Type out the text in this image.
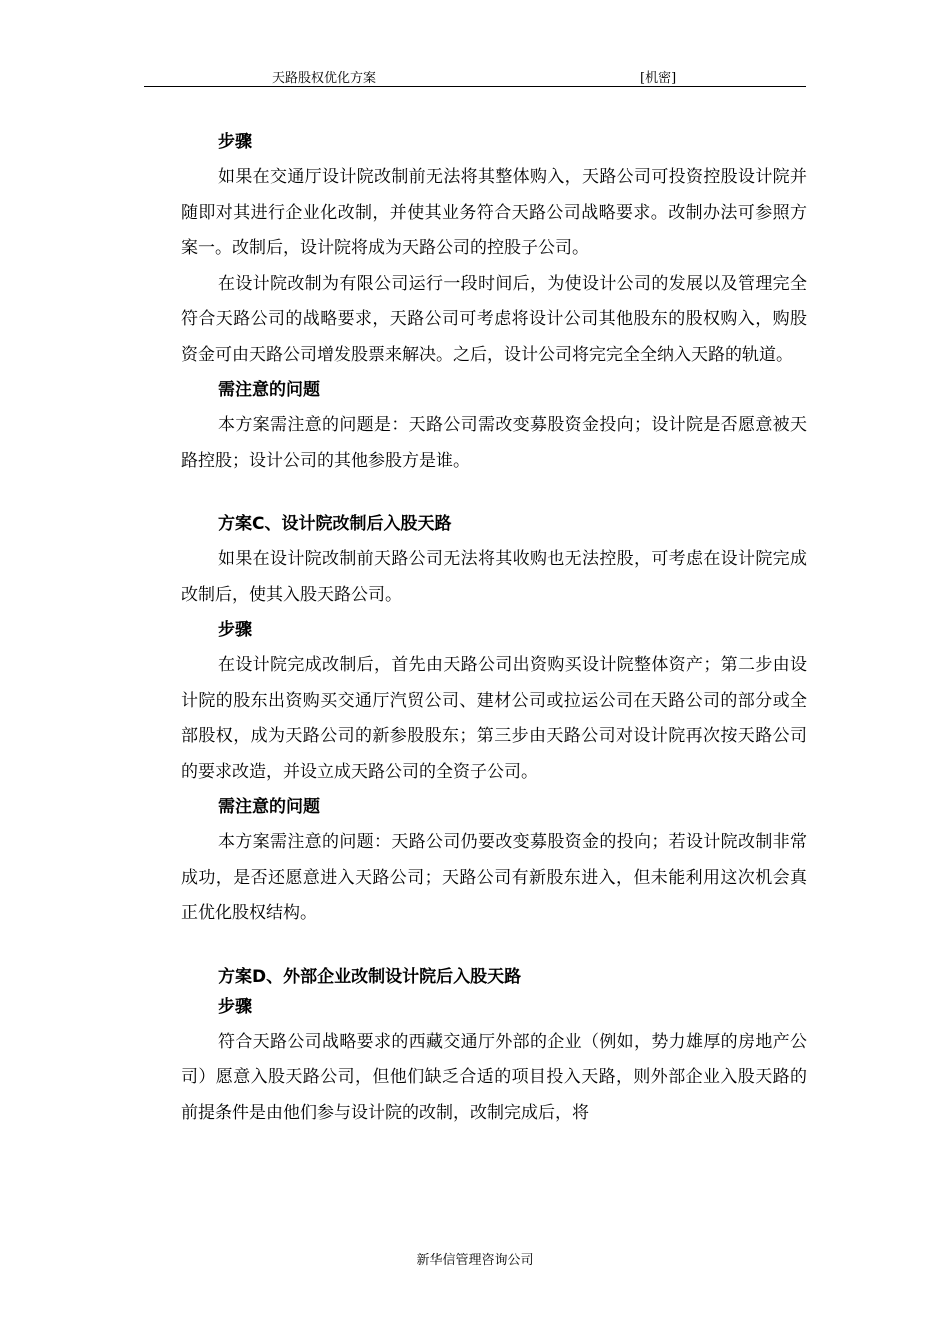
天路股权优化方案	[机密]
步骤

如果在交通厅设计院改制前无法将其整体购入，天路公司可投资控股设计院并随即对其进行企业化改制，并使其业务符合天路公司战略要求。改制办法可参照方案一。改制后，设计院将成为天路公司的控股子公司。

在设计院改制为有限公司运行一段时间后，为使设计公司的发展以及管理完全符合天路公司的战略要求，天路公司可考虑将设计公司其他股东的股权购入，购股资金可由天路公司增发股票来解决。之后，设计公司将完完全全纳入天路的轨道。

需注意的问题

本方案需注意的问题是：天路公司需改变募股资金投向；设计院是否愿意被天路控股；设计公司的其他参股方是谁。

方案C、设计院改制后入股天路

如果在设计院改制前天路公司无法将其收购也无法控股，可考虑在设计院完成改制后，使其入股天路公司。

步骤

在设计院完成改制后，首先由天路公司出资购买设计院整体资产；第二步由设计院的股东出资购买交通厅汽贸公司、建材公司或拉运公司在天路公司的部分或全部股权，成为天路公司的新参股股东；第三步由天路公司对设计院再次按天路公司的要求改造，并设立成天路公司的全资子公司。

需注意的问题

本方案需注意的问题：天路公司仍要改变募股资金的投向；若设计院改制非常成功，是否还愿意进入天路公司；天路公司有新股东进入，但未能利用这次机会真正优化股权结构。

方案D、外部企业改制设计院后入股天路
步骤

符合天路公司战略要求的西藏交通厅外部的企业（例如，势力雄厚的房地产公司）愿意入股天路公司，但他们缺乏合适的项目投入天路，则外部企业入股天路的前提条件是由他们参与设计院的改制，改制完成后，将

新华信管理咨询公司
